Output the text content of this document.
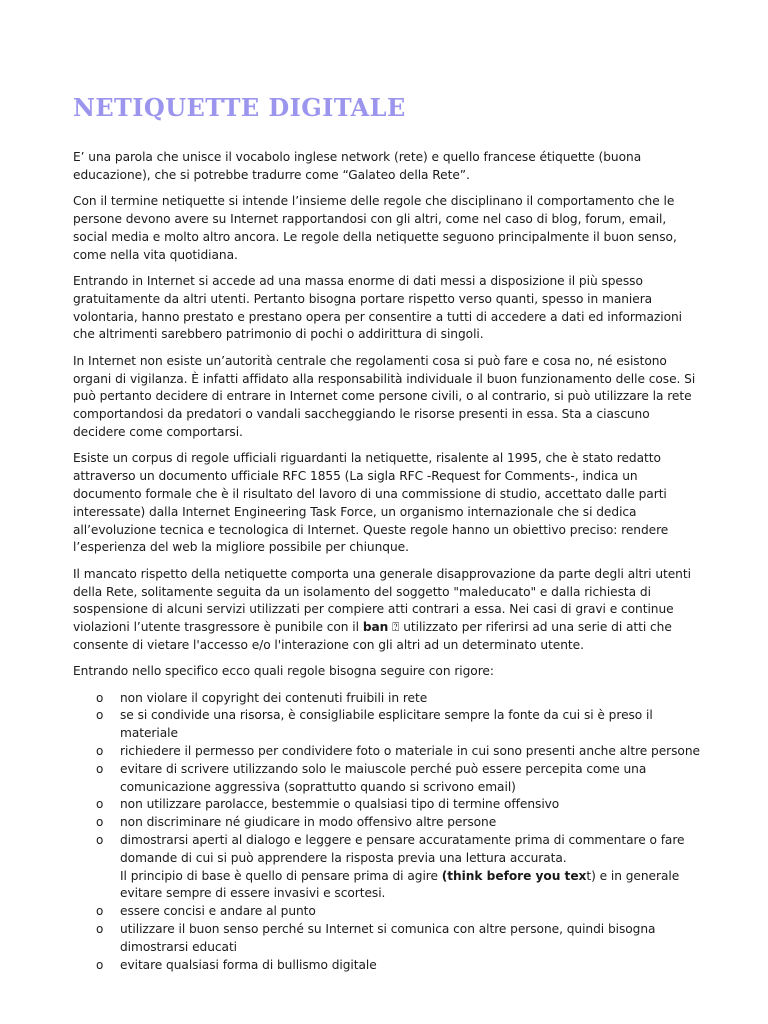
NETIQUETTE DIGITALE

E’ una parola che unisce il vocabolo inglese network (rete) e quello francese étiquette (buona educazione), che si potrebbe tradurre come “Galateo della Rete”.

Con il termine netiquette si intende l’insieme delle regole che disciplinano il comportamento che le persone devono avere su Internet rapportandosi con gli altri, come nel caso di blog, forum, email, social media e molto altro ancora. Le regole della netiquette seguono principalmente il buon senso, come nella vita quotidiana.

Entrando in Internet si accede ad una massa enorme di dati messi a disposizione il più spesso gratuitamente da altri utenti. Pertanto bisogna portare rispetto verso quanti, spesso in maniera volontaria, hanno prestato e prestano opera per consentire a tutti di accedere a dati ed informazioni che altrimenti sarebbero patrimonio di pochi o addirittura di singoli.

In Internet non esiste un’autorità centrale che regolamenti cosa si può fare e cosa no, né esistono organi di vigilanza. È infatti affidato alla responsabilità individuale il buon funzionamento delle cose. Si può pertanto decidere di entrare in Internet come persone civili, o al contrario, si può utilizzare la rete comportandosi da predatori o vandali saccheggiando le risorse presenti in essa. Sta a ciascuno decidere come comportarsi.

Esiste un corpus di regole ufficiali riguardanti la netiquette, risalente al 1995, che è stato redatto attraverso un documento ufficiale RFC 1855 (La sigla RFC -Request for Comments-, indica un documento formale che è il risultato del lavoro di una commissione di studio, accettato dalle parti interessate) dalla Internet Engineering Task Force, un organismo internazionale che si dedica all’evoluzione tecnica e tecnologica di Internet. Queste regole hanno un obiettivo preciso: rendere l’esperienza del web la migliore possibile per chiunque.

Il mancato rispetto della netiquette comporta una generale disapprovazione da parte degli altri utenti della Rete, solitamente seguita da un isolamento del soggetto "maleducato" e dalla richiesta di sospensione di alcuni servizi utilizzati per compiere atti contrari a essa. Nei casi di gravi e continue violazioni l’utente trasgressore è punibile con il ban ⍰ utilizzato per riferirsi ad una serie di atti che consente di vietare l'accesso e/o l'interazione con gli altri ad un determinato utente.

Entrando nello specifico ecco quali regole bisogna seguire con rigore:

o non violare il copyright dei contenuti fruibili in rete
o se si condivide una risorsa, è consigliabile esplicitare sempre la fonte da cui si è preso il materiale
o richiedere il permesso per condividere foto o materiale in cui sono presenti anche altre persone
o evitare di scrivere utilizzando solo le maiuscole perché può essere percepita come una comunicazione aggressiva (soprattutto quando si scrivono email)
o non utilizzare parolacce, bestemmie o qualsiasi tipo di termine offensivo
o non discriminare né giudicare in modo offensivo altre persone
o dimostrarsi aperti al dialogo e leggere e pensare accuratamente prima di commentare o fare domande di cui si può apprendere la risposta previa una lettura accurata.
Il principio di base è quello di pensare prima di agire (think before you text) e in generale evitare sempre di essere invasivi e scortesi.
o essere concisi e andare al punto
o utilizzare il buon senso perché su Internet si comunica con altre persone, quindi bisogna dimostrarsi educati
o evitare qualsiasi forma di bullismo digitale
